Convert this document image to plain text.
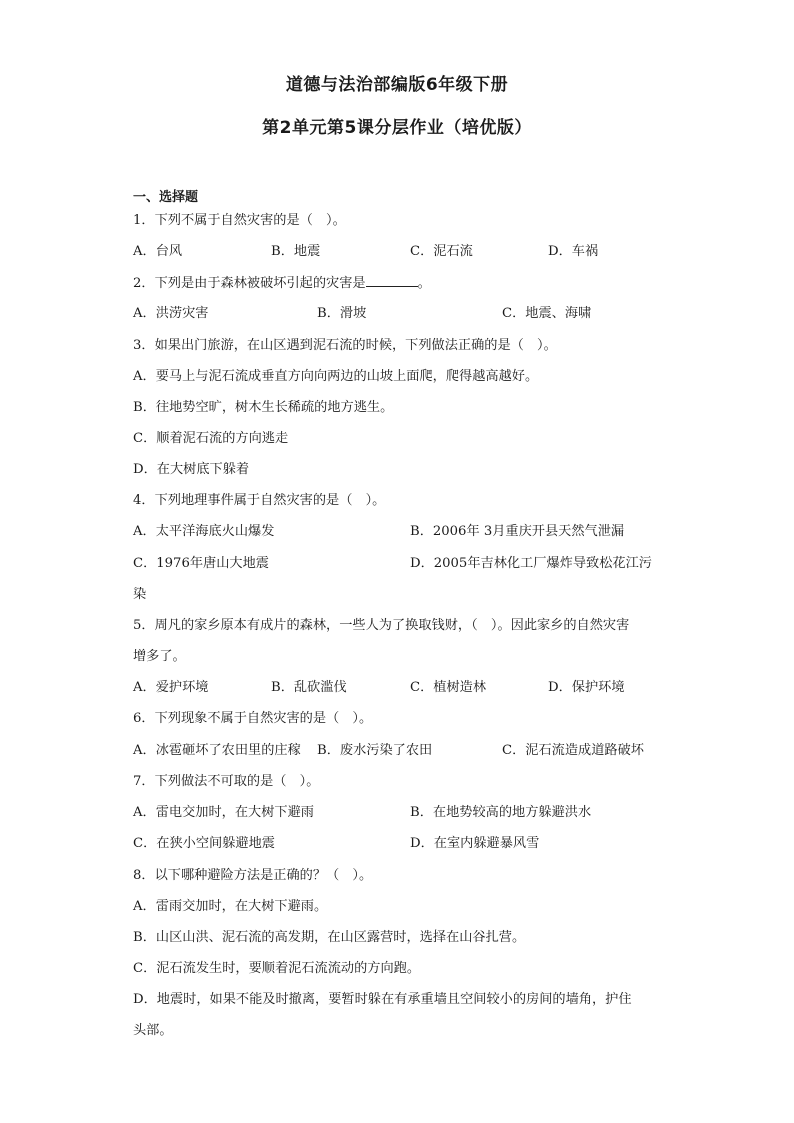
道德与法治部编版6年级下册
第2单元第5课分层作业（培优版）
一、选择题
1．下列不属于自然灾害的是（　）。
A．台风	B．地震	C．泥石流	D．车祸
2．下列是由于森林被破坏引起的灾害是	。
A．洪涝灾害	B．滑坡	C．地震、海啸
3．如果出门旅游，在山区遇到泥石流的时候，下列做法正确的是（　）。
A．要马上与泥石流成垂直方向向两边的山坡上面爬，爬得越高越好。
B．往地势空旷，树木生长稀疏的地方逃生。
C．顺着泥石流的方向逃走
D．在大树底下躲着
4．下列地理事件属于自然灾害的是（　）。
A．太平洋海底火山爆发	B．2006年 3月重庆开县天然气泄漏
C．1976年唐山大地震	D．2005年吉林化工厂爆炸导致松花江污
染
5．周凡的家乡原本有成片的森林，一些人为了换取钱财，（　）。因此家乡的自然灾害
增多了。
A．爱护环境	B．乱砍滥伐	C．植树造林	D．保护环境
6．下列现象不属于自然灾害的是（　）。
A．冰雹砸坏了农田里的庄稼 B．废水污染了农田	C．泥石流造成道路破坏
7．下列做法不可取的是（　）。
A．雷电交加时，在大树下避雨	B．在地势较高的地方躲避洪水
C．在狭小空间躲避地震	D．在室内躲避暴风雪
8．以下哪种避险方法是正确的？（　）。
A．雷雨交加时，在大树下避雨。
B．山区山洪、泥石流的高发期，在山区露营时，选择在山谷扎营。
C．泥石流发生时，要顺着泥石流流动的方向跑。
D．地震时，如果不能及时撤离，要暂时躲在有承重墙且空间较小的房间的墙角，护住
头部。
